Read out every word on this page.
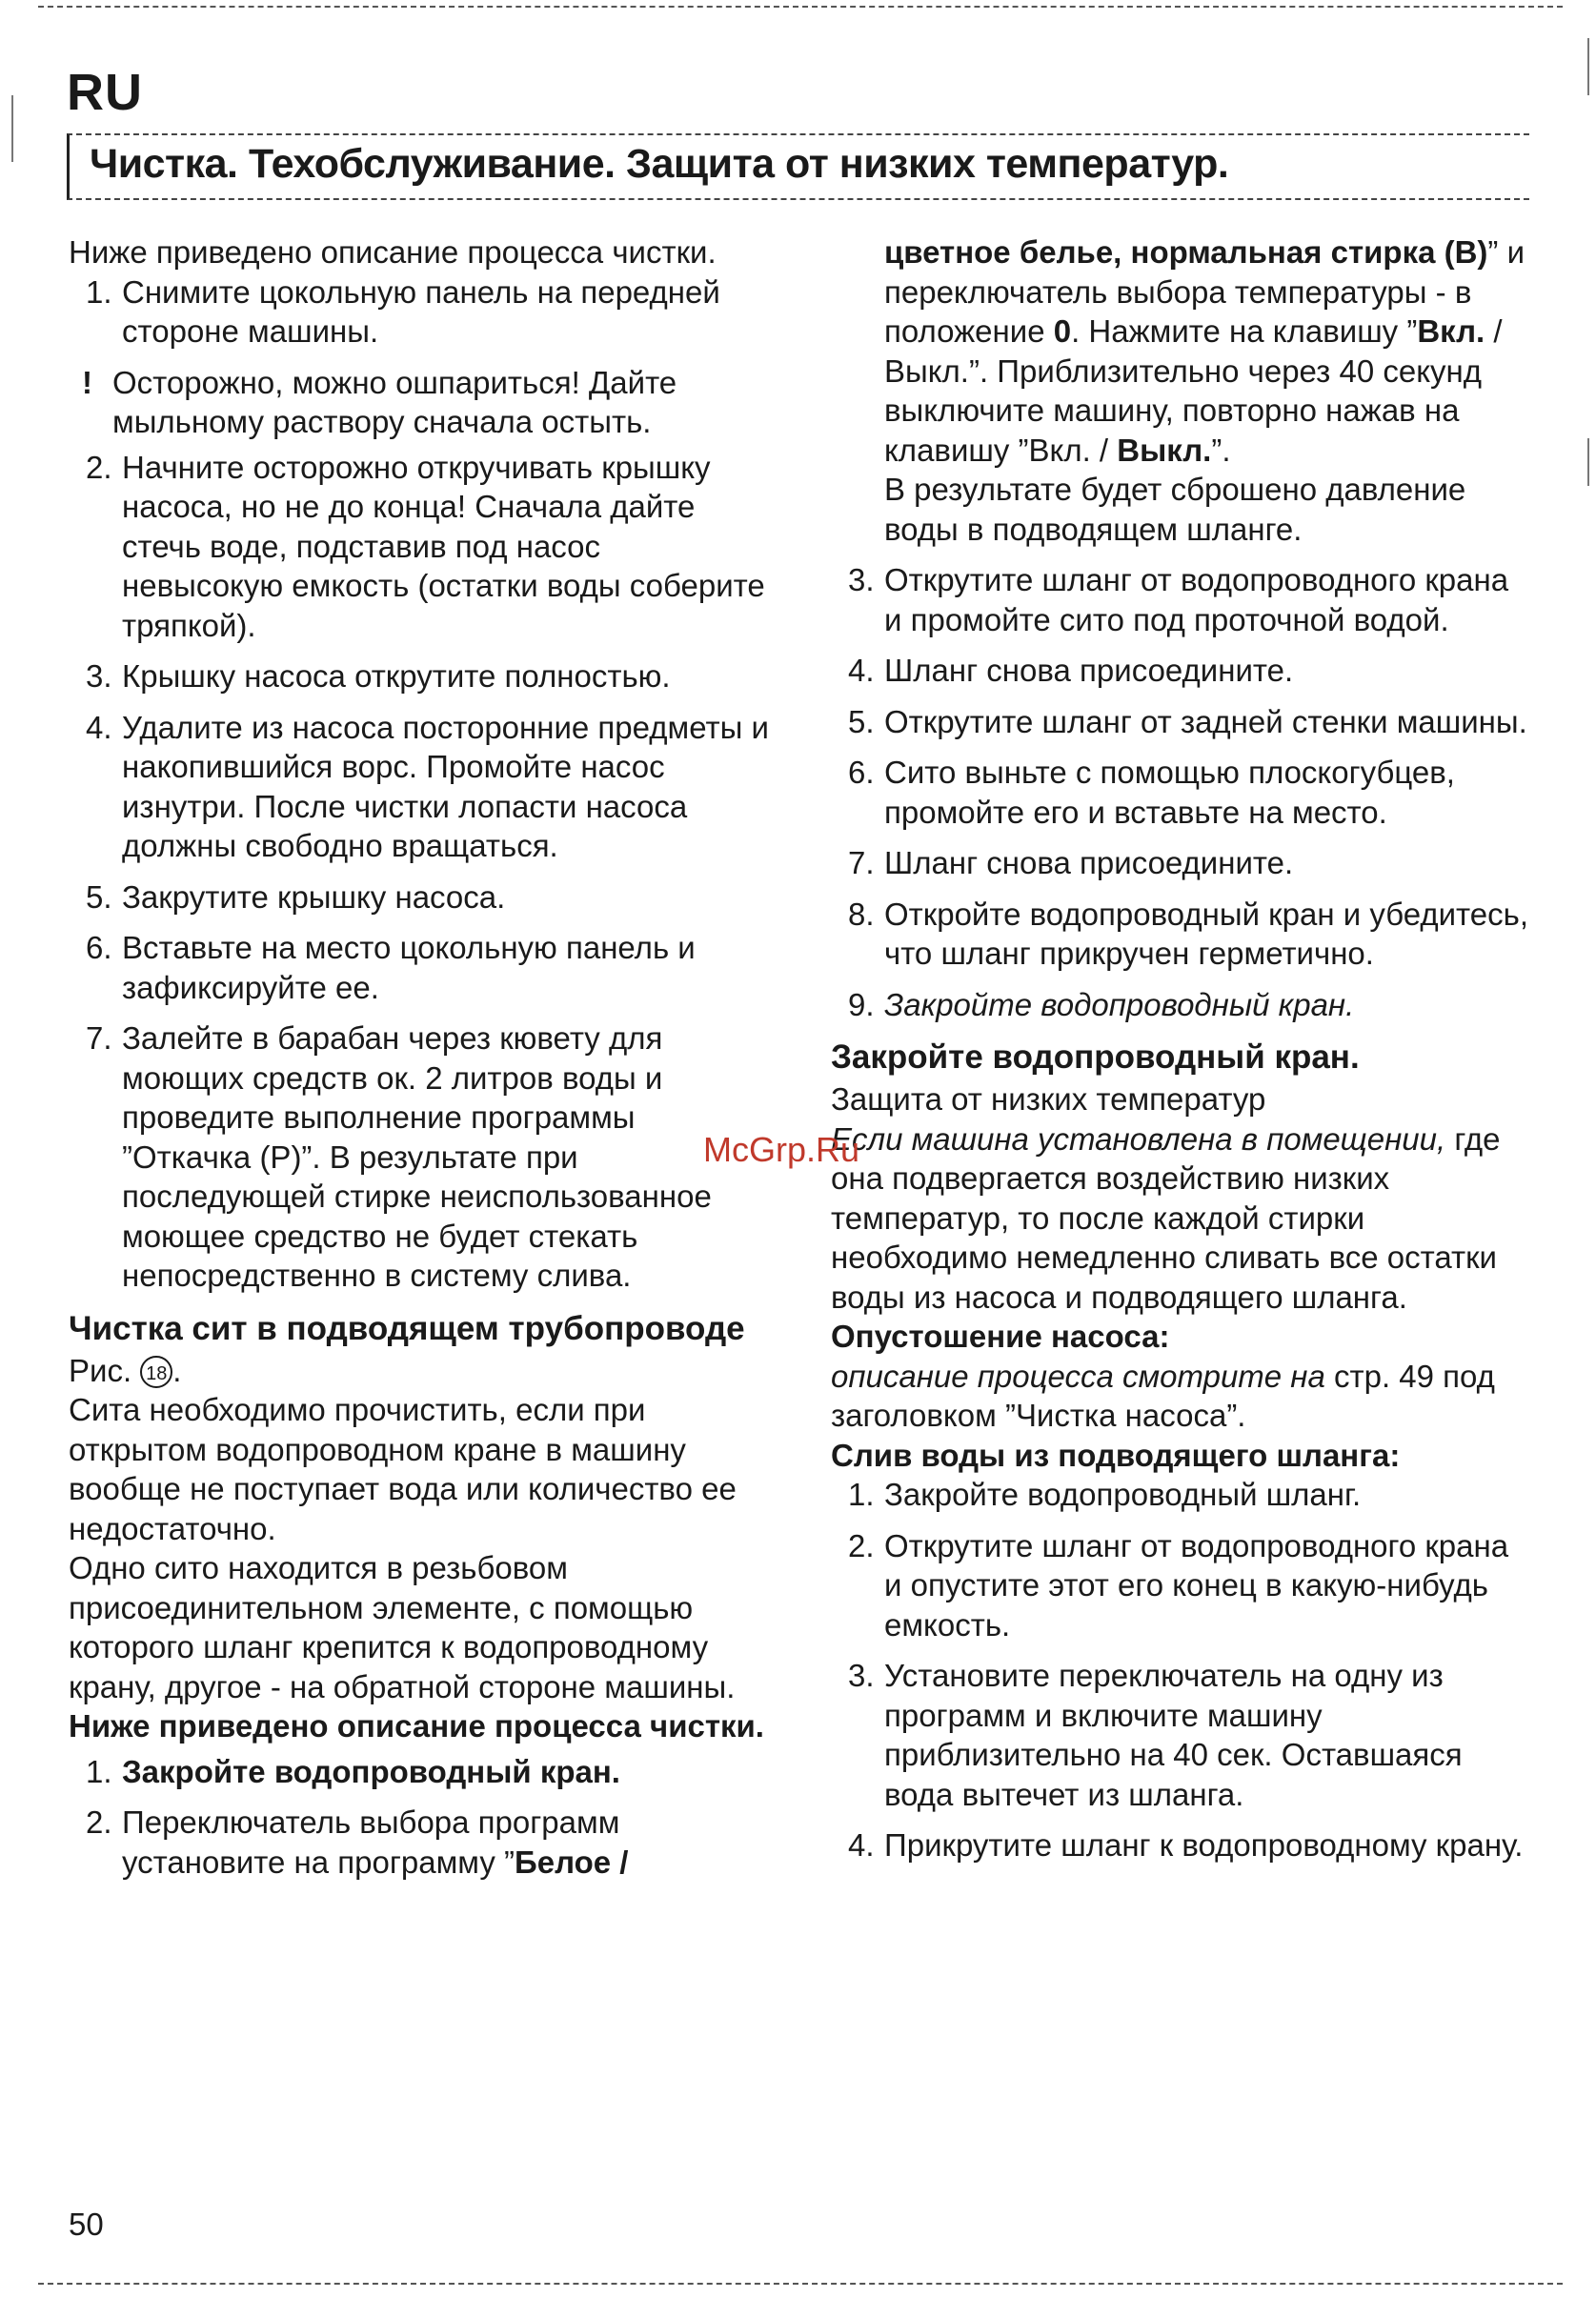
RU
Чистка. Техобслуживание. Защита от низких температур.

Ниже приведено описание процесса чистки.

1. Снимите цокольную панель на передней стороне машины.
! Осторожно, можно ошпариться! Дайте мыльному раствору сначала остыть.
2. Начните осторожно откручивать крышку насоса, но не до конца! Сначала дайте стечь воде, подставив под насос невысокую емкость (остатки воды соберите тряпкой).
3. Крышку насоса открутите полностью.
4. Удалите из насоса посторонние предметы и накопившийся ворс. Промойте насос изнутри. После чистки лопасти насоса должны свободно вращаться.
5. Закрутите крышку насоса.
6. Вставьте на место цокольную панель и зафиксируйте ее.
7. Залейте в барабан через кювету для моющих средств ок. 2 литров воды и проведите выполнение программы ”Откачка (P)”. В результате при последующей стирке неиспользованное моющее средство не будет стекать непосредственно в систему слива.

Чистка сит в подводящем трубопроводе

Рис. 18 .

Сита необходимо прочистить, если при открытом водопроводном кране в машину вообще не поступает вода или количество ее недостаточно.

Одно сито находится в резьбовом присоединительном элементе, с помощью которого шланг крепится к водопроводному крану, другое - на обратной стороне машины.

Ниже приведено описание процесса чистки.

1. Закройте водопроводный кран.
2. Переключатель выбора программ установите на программу ”Белое /
цветное белье, нормальная стирка (B)” и переключатель выбора температуры - в положение 0. Нажмите на клавишу ”Вкл. / Выкл.”. Приблизительно через 40 секунд выключите машину, повторно нажав на клавишу ”Вкл. / Выкл.”.
В результате будет сброшено давление воды в подводящем шланге.
3. Открутите шланг от водопроводного крана и промойте сито под проточной водой.
4. Шланг снова присоедините.
5. Открутите шланг от задней стенки машины.
6. Сито выньте с помощью плоскогубцев, промойте его и вставьте на место.
7. Шланг снова присоедините.
8. Откройте водопроводный кран и убедитесь, что шланг прикручен герметично.
9. Закройте водопроводный кран.

Закройте водопроводный кран.

Защита от низких температур

Если машина установлена в помещении, где она подвергается воздействию низких температур, то после каждой стирки необходимо немедленно сливать все остатки воды из насоса и подводящего шланга.

Опустошение насоса:

описание процесса смотрите на стр. 49 под заголовком ”Чистка насоса”.

Слив воды из подводящего шланга:

1. Закройте водопроводный шланг.
2. Открутите шланг от водопроводного крана и опустите этот его конец в какую-нибудь емкость.
3. Установите переключатель на одну из программ и включите машину приблизительно на 40 сек. Оставшаяся вода вытечет из шланга.
4. Прикрутите шланг к водопроводному крану.
McGrp.Ru
50
